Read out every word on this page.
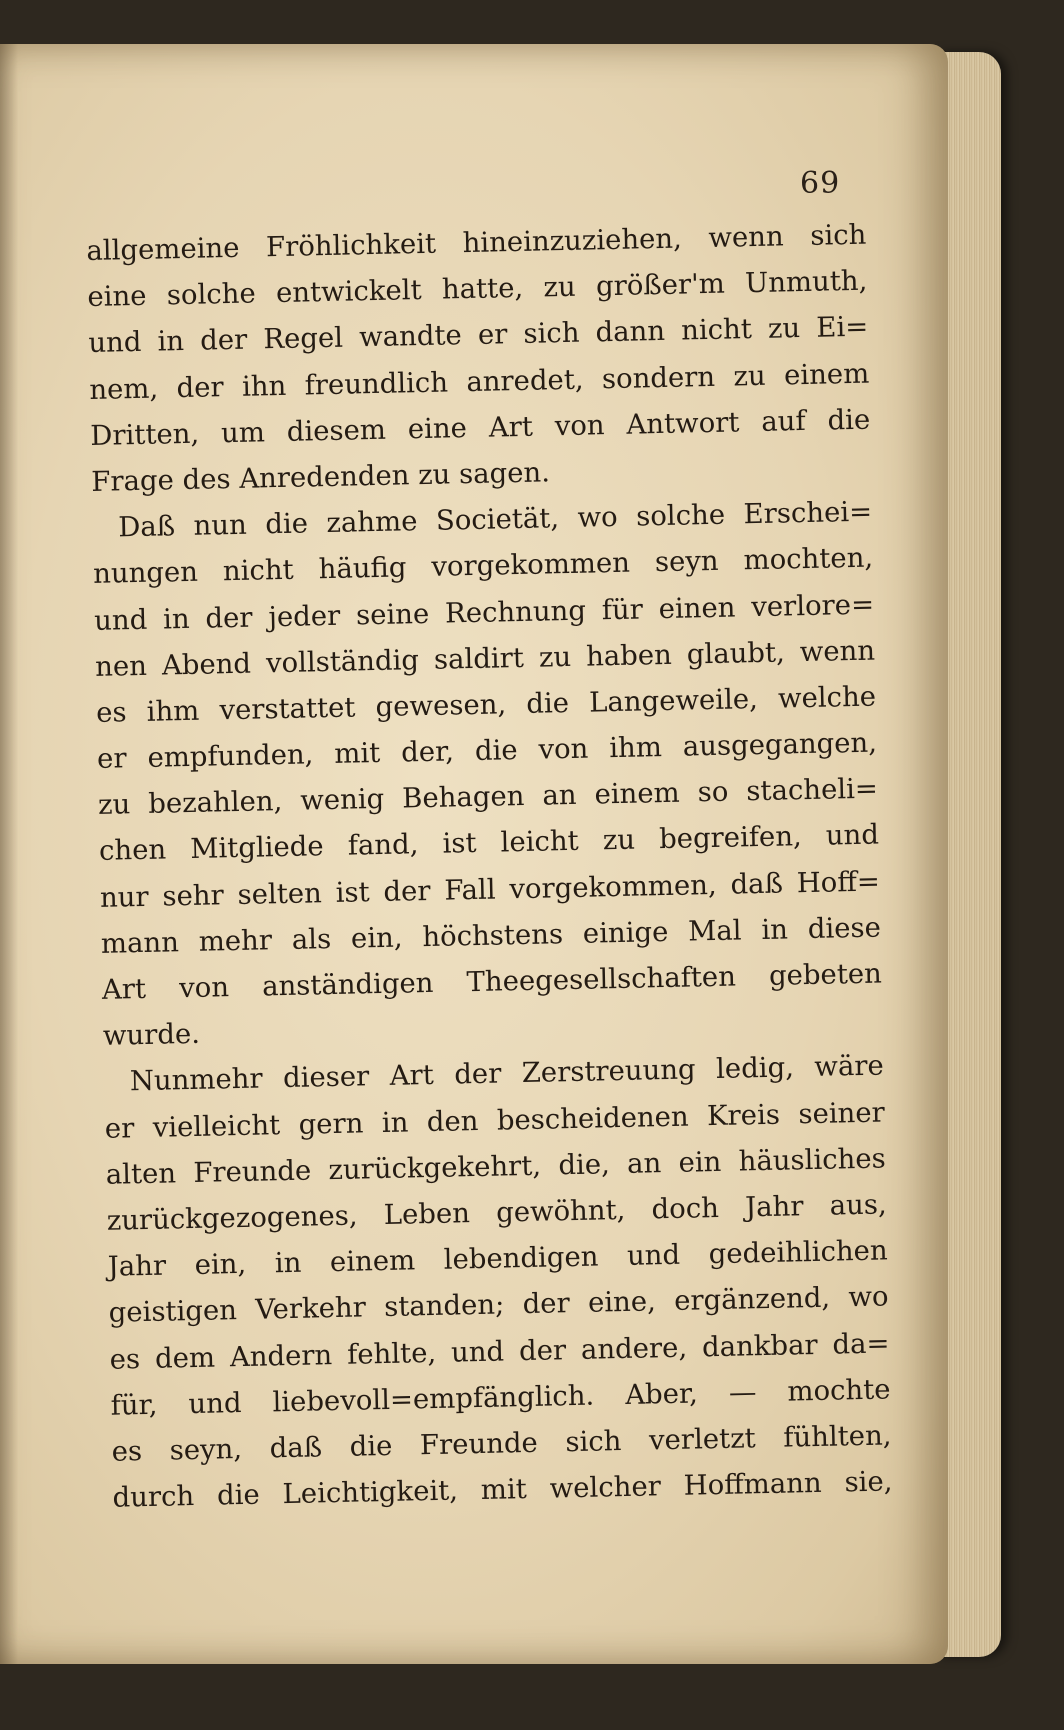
69
allgemeine Fröhlichkeit hineinzuziehen, wenn sich
eine solche entwickelt hatte, zu größer'm Unmuth,
und in der Regel wandte er sich dann nicht zu Ei=
nem, der ihn freundlich anredet, sondern zu einem
Dritten, um diesem eine Art von Antwort auf die
Frage des Anredenden zu sagen.
Daß nun die zahme Societät, wo solche Erschei=
nungen nicht häufig vorgekommen seyn mochten,
und in der jeder seine Rechnung für einen verlore=
nen Abend vollständig saldirt zu haben glaubt, wenn
es ihm verstattet gewesen, die Langeweile, welche
er empfunden, mit der, die von ihm ausgegangen,
zu bezahlen, wenig Behagen an einem so stacheli=
chen Mitgliede fand, ist leicht zu begreifen, und
nur sehr selten ist der Fall vorgekommen, daß Hoff=
mann mehr als ein, höchstens einige Mal in diese
Art von anständigen Theegesellschaften gebeten
wurde.
Nunmehr dieser Art der Zerstreuung ledig, wäre
er vielleicht gern in den bescheidenen Kreis seiner
alten Freunde zurückgekehrt, die, an ein häusliches
zurückgezogenes, Leben gewöhnt, doch Jahr aus,
Jahr ein, in einem lebendigen und gedeihlichen
geistigen Verkehr standen; der eine, ergänzend, wo
es dem Andern fehlte, und der andere, dankbar da=
für, und liebevoll=empfänglich. Aber, — mochte
es seyn, daß die Freunde sich verletzt fühlten,
durch die Leichtigkeit, mit welcher Hoffmann sie,
